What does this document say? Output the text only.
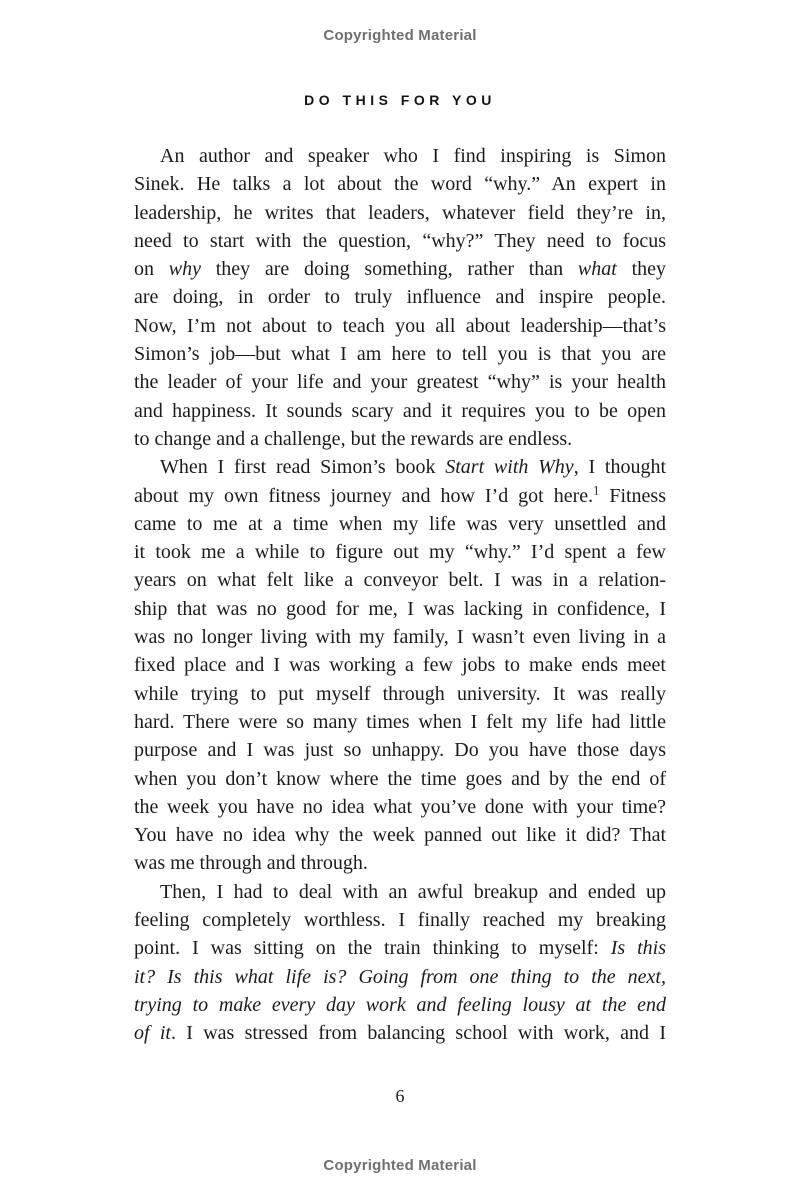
Copyrighted Material
DO THIS FOR YOU
An author and speaker who I find inspiring is Simon
Sinek. He talks a lot about the word “why.” An expert in
leadership, he writes that leaders, whatever field they’re in,
need to start with the question, “why?” They need to focus
on why they are doing something, rather than what they
are doing, in order to truly influence and inspire people.
Now, I’m not about to teach you all about leadership—that’s
Simon’s job—but what I am here to tell you is that you are
the leader of your life and your greatest “why” is your health
and happiness. It sounds scary and it requires you to be open
to change and a challenge, but the rewards are endless.
When I first read Simon’s book Start with Why, I thought
about my own fitness journey and how I’d got here.$^1$ Fitness
came to me at a time when my life was very unsettled and
it took me a while to figure out my “why.” I’d spent a few
years on what felt like a conveyor belt. I was in a relation-
ship that was no good for me, I was lacking in confidence, I
was no longer living with my family, I wasn’t even living in a
fixed place and I was working a few jobs to make ends meet
while trying to put myself through university. It was really
hard. There were so many times when I felt my life had little
purpose and I was just so unhappy. Do you have those days
when you don’t know where the time goes and by the end of
the week you have no idea what you’ve done with your time?
You have no idea why the week panned out like it did? That
was me through and through.
Then, I had to deal with an awful breakup and ended up
feeling completely worthless. I finally reached my breaking
point. I was sitting on the train thinking to myself: Is this
it? Is this what life is? Going from one thing to the next,
trying to make every day work and feeling lousy at the end
of it. I was stressed from balancing school with work, and I
6
Copyrighted Material
